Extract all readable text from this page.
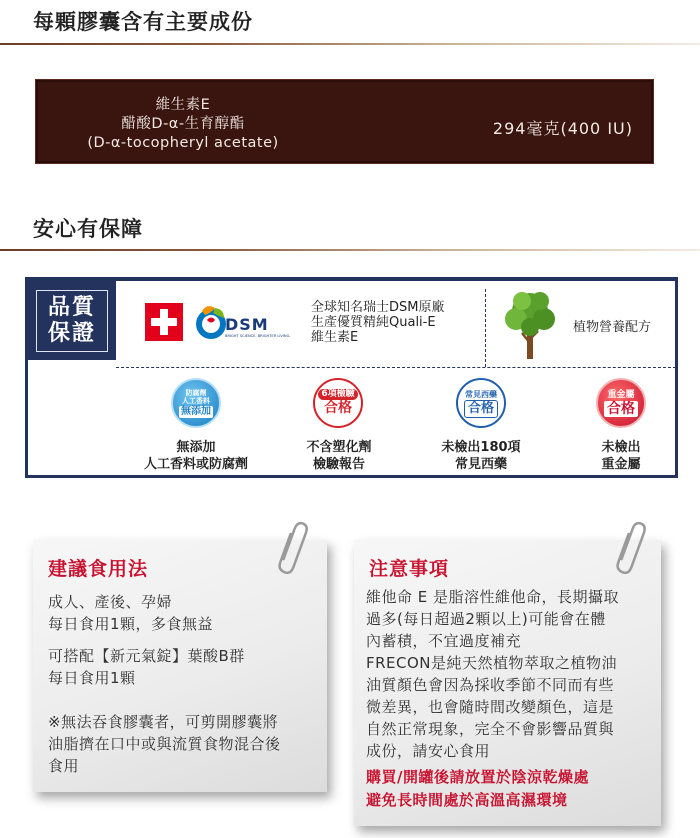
每顆膠囊含有主要成份
維生素E
醋酸D-α-生育醇酯
(D-α-tocopheryl acetate)
294毫克(400 IU)
安心有保障
品質
保證	DSM
BRIGHT SCIENCE. BRIGHTER LIVING.
全球知名瑞士DSM原廠
生產優質精純Quali-E
維生素E
植物營養配方
防腐劑
人工香料
無添加
無添加
人工香料或防腐劑
6項檢驗
合格
不含塑化劑
檢驗報告
常見西藥
合格
未檢出180項
常見西藥
重金屬
合格
未檢出
重金屬
建議食用法
成人、產後、孕婦
每日食用1顆，多食無益
可搭配【新元氣錠】葉酸B群
每日食用1顆
※無法吞食膠囊者，可剪開膠囊將
油脂擠在口中或與流質食物混合後
食用
注意事項
維他命 E 是脂溶性維他命，長期攝取
過多(每日超過2顆以上)可能會在體
內蓄積，不宜過度補充
FRECON是純天然植物萃取之植物油
油質顏色會因為採收季節不同而有些
微差異，也會隨時間改變顏色，這是
自然正常現象，完全不會影響品質與
成份，請安心食用
購買/開罐後請放置於陰涼乾燥處
避免長時間處於高溫高濕環境
